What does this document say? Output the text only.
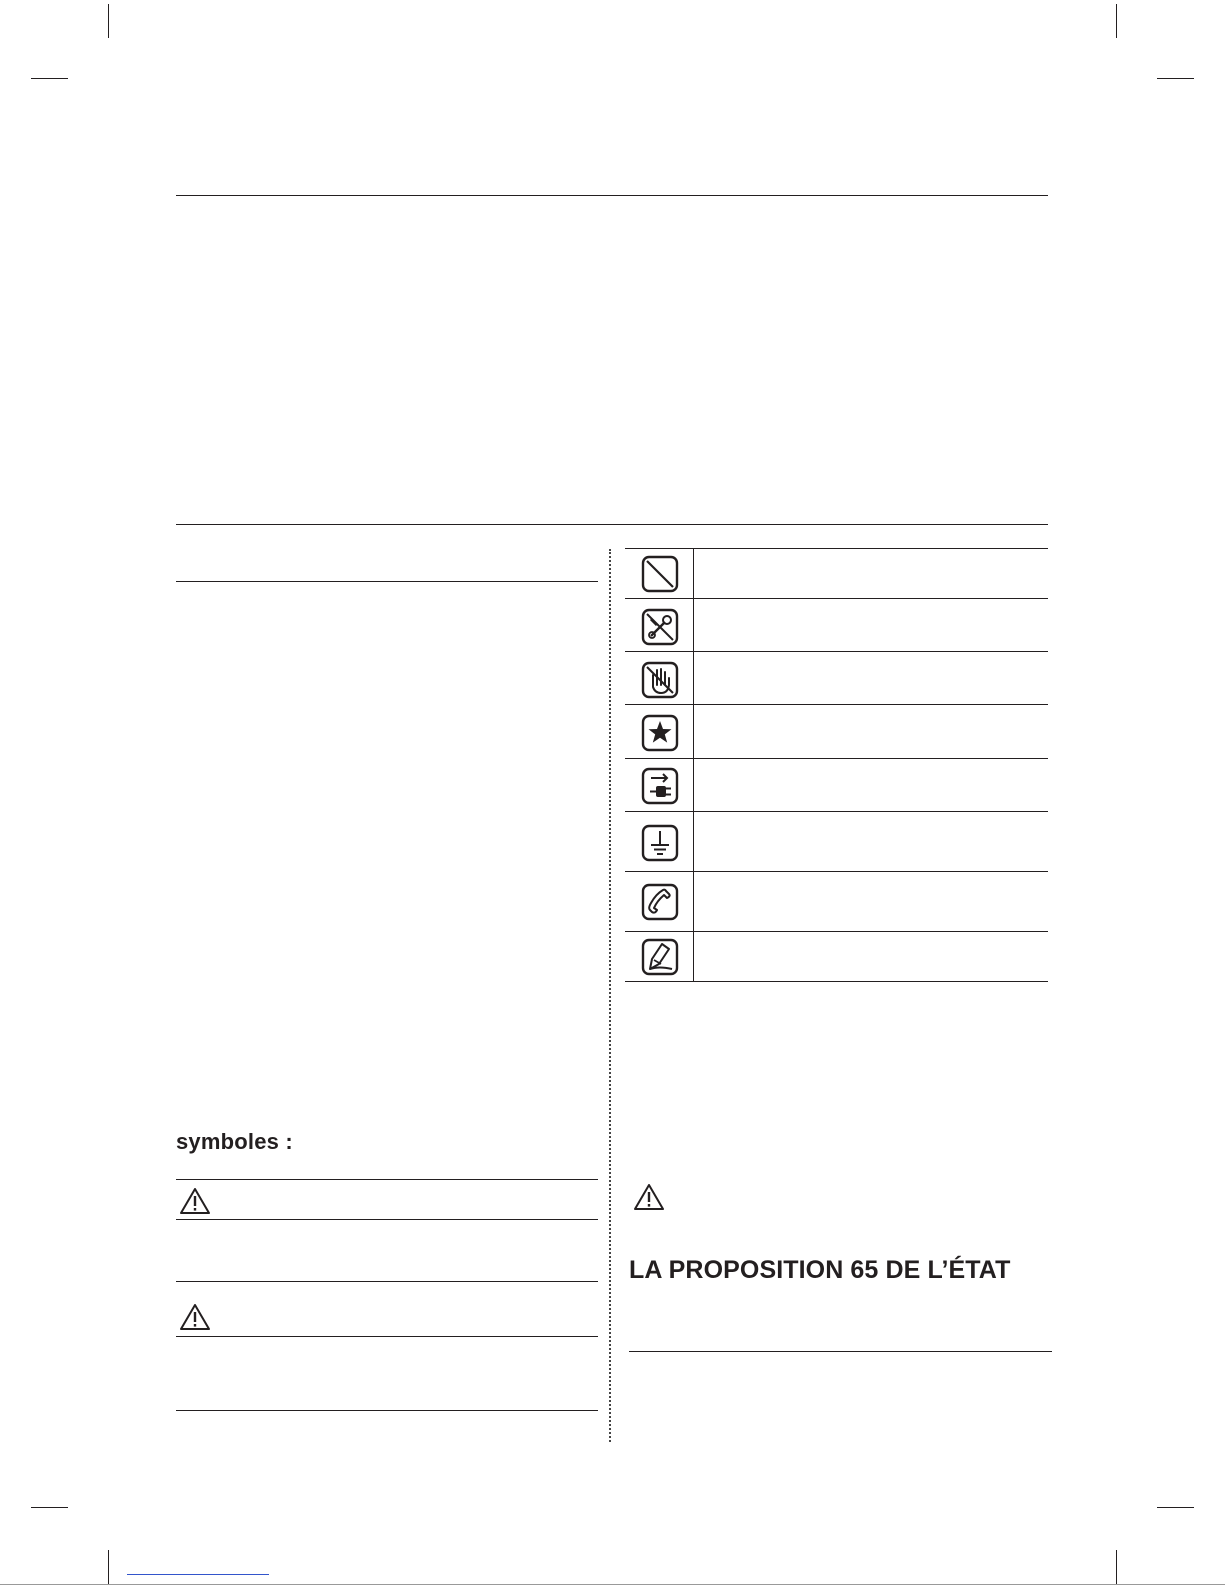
symboles :
LA PROPOSITION 65 DE L’ÉTAT
